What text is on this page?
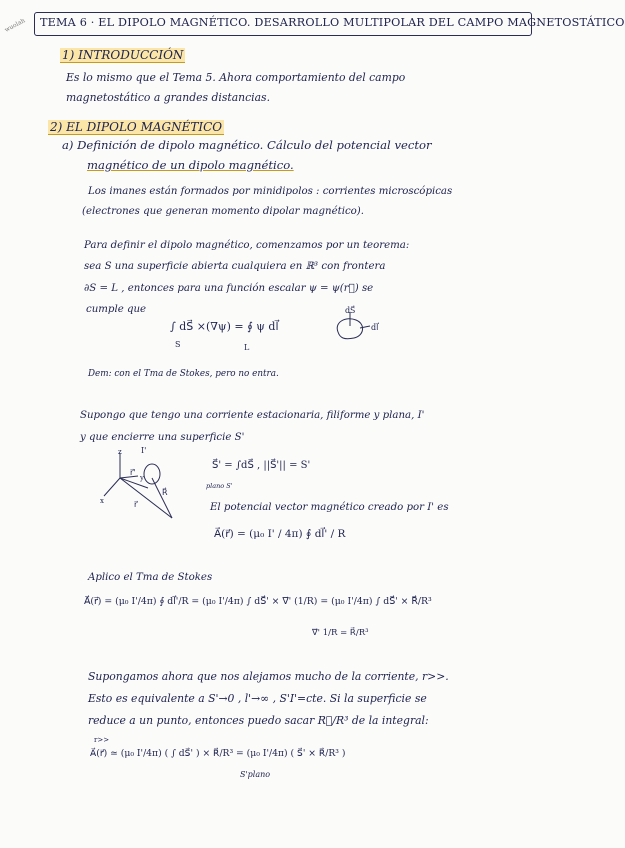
wuolah TEMA 6 · EL DIPOLO MAGNÉTICO. DESARROLLO MULTIPOLAR DEL CAMPO MAGNETOSTÁTICO
1) INTRODUCCIÓN
Es lo mismo que el Tema 5. Ahora comportamiento del campo
magnetostático a grandes distancias.
2) EL DIPOLO MAGNÉTICO
a) Definición de dipolo magnético. Cálculo del potencial vector
magnético de un dipolo magnético.
Los imanes están formados por minidipolos : corrientes microscópicas
(electrones que generan momento dipolar magnético).
Para definir el dipolo magnético, comenzamos por un teorema:
sea S una superficie abierta cualquiera en ℝ³ con frontera
∂S = L , entonces para una función escalar ψ = ψ(r⃗) se
cumple que
∫ dS⃗ ×(∇ψ) = ∮ ψ dl⃗
S	L
dS⃗
dl⃗
Dem: con el Tma de Stokes, pero no entra.
Supongo que tengo una corriente estacionaria, filiforme y plana, I'
y que encierre una superficie S'
I'
r⃗'
R⃗
r⃗
x
y
z
S⃗' = ∫dS⃗ , ||S⃗'|| = S'
plano S'
El potencial vector magnético creado por I' es
A⃗(r⃗) = (μ₀ I' / 4π) ∮ dl⃗' / R
Aplico el Tma de Stokes
A⃗(r⃗) = (μ₀ I'/4π) ∮ dl⃗'/R = (μ₀ I'/4π) ∫ dS⃗' × ∇⃗' (1/R) = (μ₀ I'/4π) ∫ dS⃗' × R⃗/R³
∇⃗' 1/R = R⃗/R³
Supongamos ahora que nos alejamos mucho de la corriente, r>>.
Esto es equivalente a S'→0 , l'→∞ , S'I'=cte. Si la superficie se
reduce a un punto, entonces puedo sacar R⃗/R³ de la integral:
r>>
A⃗(r⃗) ≃ (μ₀ I'/4π) ( ∫ dS⃗' ) × R⃗/R³ = (μ₀ I'/4π) ( S⃗' × R⃗/R³ )
S'plano
